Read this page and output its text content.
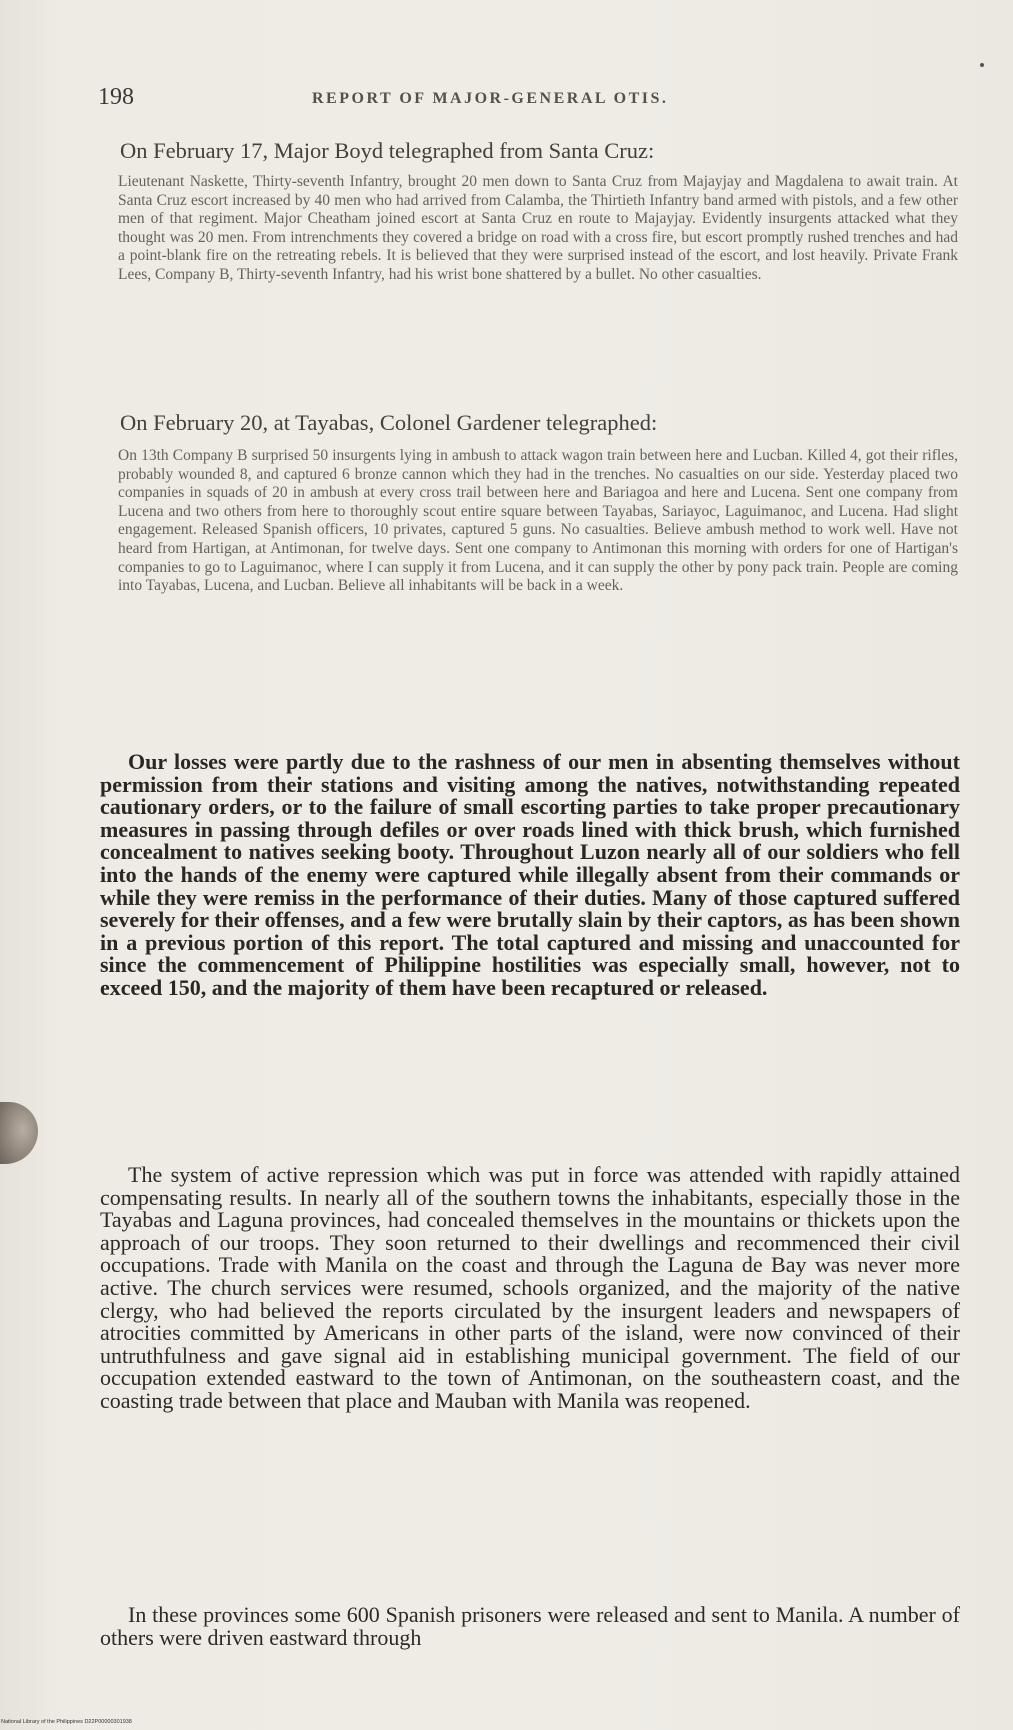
198	REPORT OF MAJOR-GENERAL OTIS.
On February 17, Major Boyd telegraphed from Santa Cruz:
Lieutenant Naskette, Thirty-seventh Infantry, brought 20 men down to Santa Cruz from Majayjay and Magdalena to await train. At Santa Cruz escort increased by 40 men who had arrived from Calamba, the Thirtieth Infantry band armed with pistols, and a few other men of that regiment. Major Cheatham joined escort at Santa Cruz en route to Majayjay. Evidently insurgents attacked what they thought was 20 men. From intrenchments they covered a bridge on road with a cross fire, but escort promptly rushed trenches and had a point-blank fire on the retreating rebels. It is believed that they were surprised instead of the escort, and lost heavily. Private Frank Lees, Company B, Thirty-seventh Infantry, had his wrist bone shattered by a bullet. No other casualties.
On February 20, at Tayabas, Colonel Gardener telegraphed:
On 13th Company B surprised 50 insurgents lying in ambush to attack wagon train between here and Lucban. Killed 4, got their rifles, probably wounded 8, and captured 6 bronze cannon which they had in the trenches. No casualties on our side. Yesterday placed two companies in squads of 20 in ambush at every cross trail between here and Bariagoa and here and Lucena. Sent one company from Lucena and two others from here to thoroughly scout entire square between Tayabas, Sariayoc, Laguimanoc, and Lucena. Had slight engagement. Released Spanish officers, 10 privates, captured 5 guns. No casualties. Believe ambush method to work well. Have not heard from Hartigan, at Antimonan, for twelve days. Sent one company to Antimonan this morning with orders for one of Hartigan's companies to go to Laguimanoc, where I can supply it from Lucena, and it can supply the other by pony pack train. People are coming into Tayabas, Lucena, and Lucban. Believe all inhabitants will be back in a week.
Our losses were partly due to the rashness of our men in absenting themselves without permission from their stations and visiting among the natives, notwithstanding repeated cautionary orders, or to the failure of small escorting parties to take proper precautionary measures in passing through defiles or over roads lined with thick brush, which furnished concealment to natives seeking booty. Throughout Luzon nearly all of our soldiers who fell into the hands of the enemy were captured while illegally absent from their commands or while they were remiss in the performance of their duties. Many of those captured suffered severely for their offenses, and a few were brutally slain by their captors, as has been shown in a previous portion of this report. The total captured and missing and unaccounted for since the commencement of Philippine hostilities was especially small, however, not to exceed 150, and the majority of them have been recaptured or released.
The system of active repression which was put in force was attended with rapidly attained compensating results. In nearly all of the southern towns the inhabitants, especially those in the Tayabas and Laguna provinces, had concealed themselves in the mountains or thickets upon the approach of our troops. They soon returned to their dwellings and recommenced their civil occupations. Trade with Manila on the coast and through the Laguna de Bay was never more active. The church services were resumed, schools organized, and the majority of the native clergy, who had believed the reports circulated by the insurgent leaders and newspapers of atrocities committed by Americans in other parts of the island, were now convinced of their untruthfulness and gave signal aid in establishing municipal government. The field of our occupation extended eastward to the town of Antimonan, on the southeastern coast, and the coasting trade between that place and Mauban with Manila was reopened.
In these provinces some 600 Spanish prisoners were released and sent to Manila. A number of others were driven eastward through
National Library of the Philippines D22P00000301938
